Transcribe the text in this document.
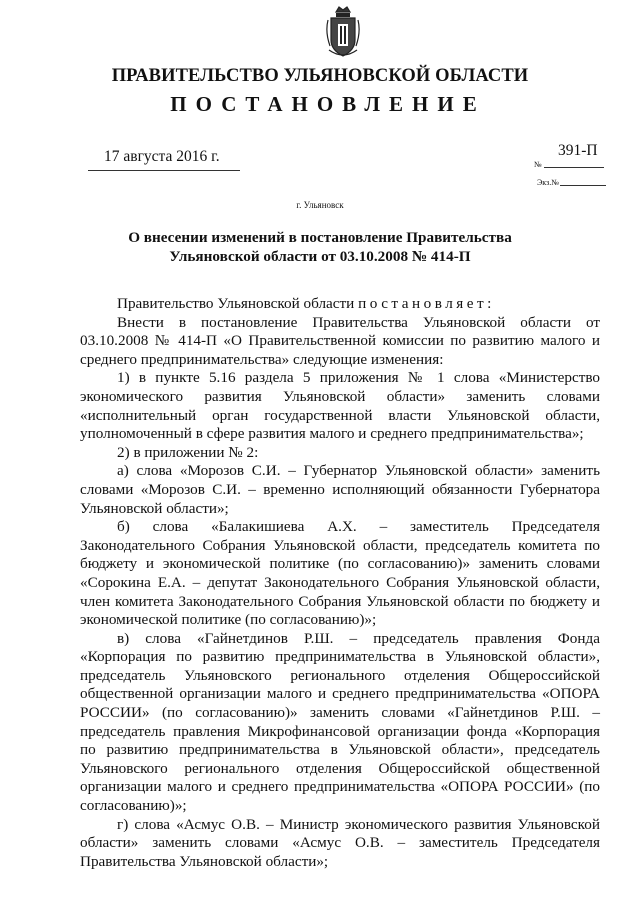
ПРАВИТЕЛЬСТВО УЛЬЯНОВСКОЙ ОБЛАСТИ
ПОСТАНОВЛЕНИЕ
17 августа 2016 г.	391-П
№
Экз.№
г. Ульяновск
О внесении изменений в постановление Правительства
Ульяновской области от 03.10.2008 № 414-П

Правительство Ульяновской области постановляет:

Внести в постановление Правительства Ульяновской области от 03.10.2008 № 414-П «О Правительственной комиссии по развитию малого и среднего предпринимательства» следующие изменения:

1) в пункте 5.16 раздела 5 приложения № 1 слова «Министерство экономического развития Ульяновской области» заменить словами «исполнительный орган государственной власти Ульяновской области, уполномоченный в сфере развития малого и среднего предпринимательства»;

2) в приложении № 2:

а) слова «Морозов С.И. – Губернатор Ульяновской области» заменить словами «Морозов С.И. – временно исполняющий обязанности Губернатора Ульяновской области»;

б) слова «Балакишиева А.Х. – заместитель Председателя Законодательного Собрания Ульяновской области, председатель комитета по бюджету и экономической политике (по согласованию)» заменить словами «Сорокина Е.А. – депутат Законодательного Собрания Ульяновской области, член комитета Законодательного Собрания Ульяновской области по бюджету и экономической политике (по согласованию)»;

в) слова «Гайнетдинов Р.Ш. – председатель правления Фонда «Корпорация по развитию предпринимательства в Ульяновской области», председатель Ульяновского регионального отделения Общероссийской общественной организации малого и среднего предпринимательства «ОПОРА РОССИИ» (по согласованию)» заменить словами «Гайнетдинов Р.Ш. – председатель правления Микрофинансовой организации фонда «Корпорация по развитию предпринимательства в Ульяновской области», председатель Ульяновского регионального отделения Общероссийской общественной организации малого и среднего предпринимательства «ОПОРА РОССИИ» (по согласованию)»;

г) слова «Асмус О.В. – Министр экономического развития Ульяновской области» заменить словами «Асмус О.В. – заместитель Председателя Правительства Ульяновской области»;
